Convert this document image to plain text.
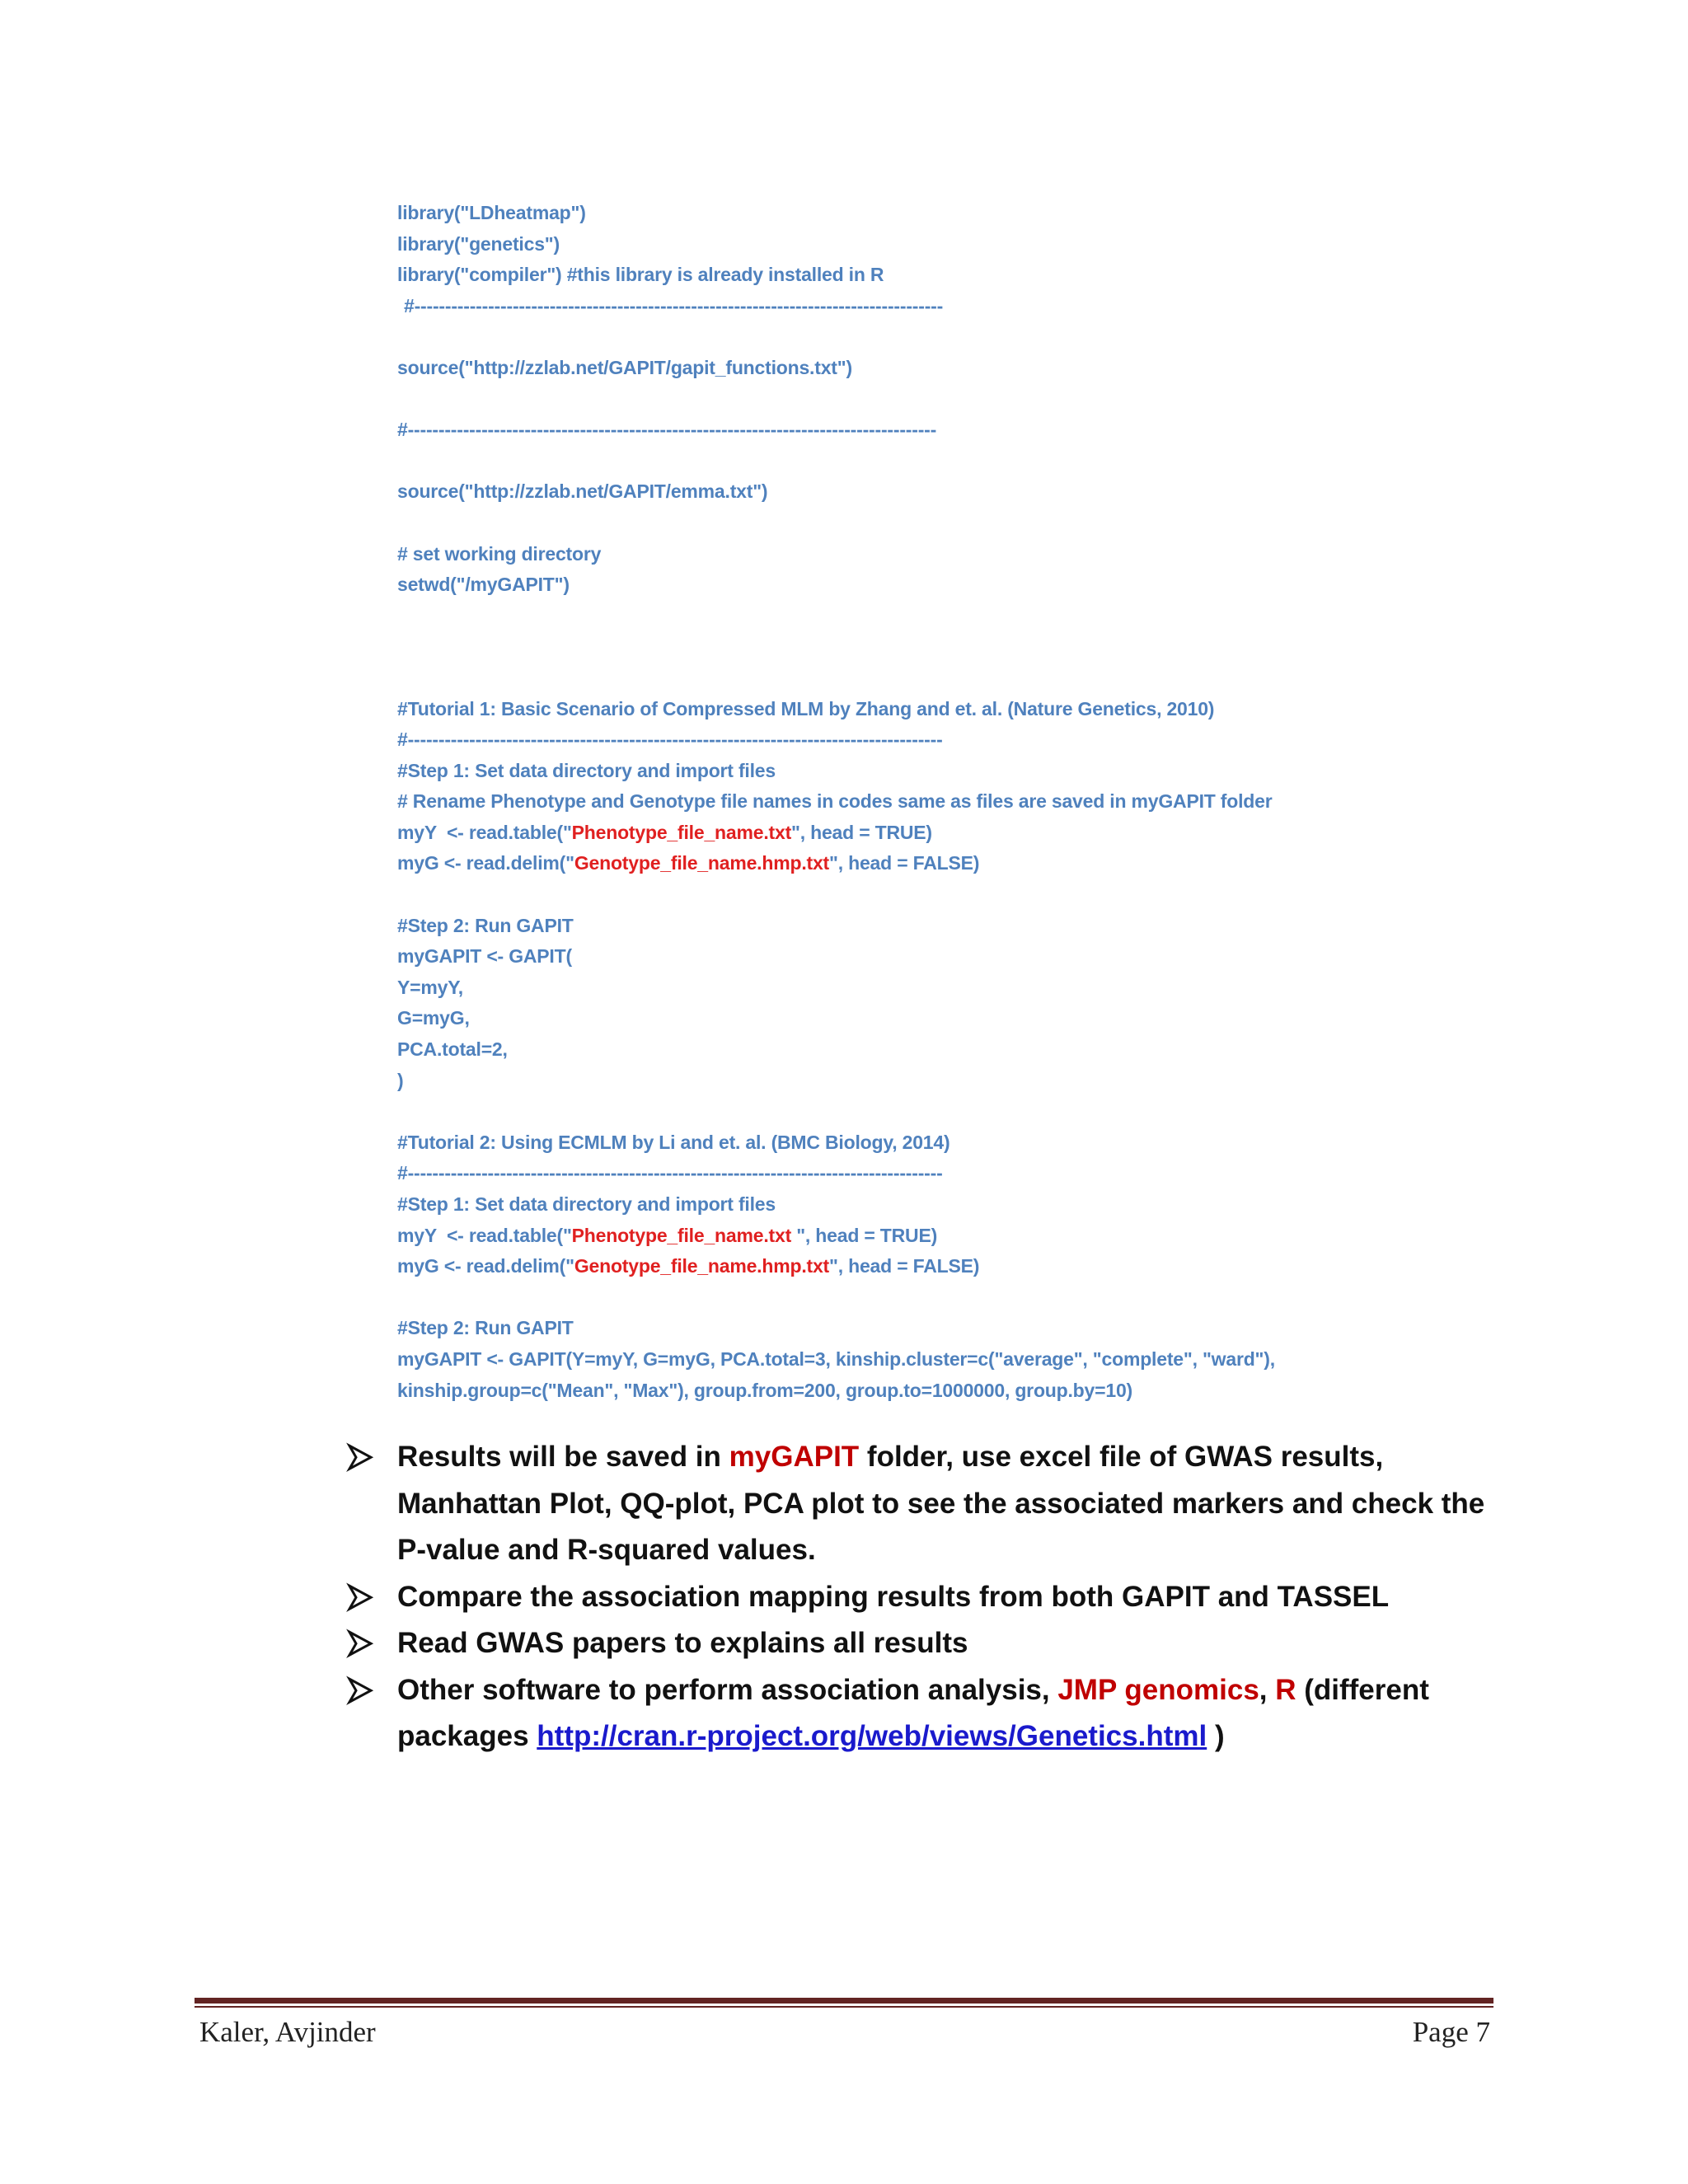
library("LDheatmap")
library("genetics")
library("compiler") #this library is already installed in R
#--------------------------------------------------------------------------------------
source("http://zzlab.net/GAPIT/gapit_functions.txt")
#--------------------------------------------------------------------------------------
source("http://zzlab.net/GAPIT/emma.txt")
# set working directory
setwd("/myGAPIT")
#Tutorial 1: Basic Scenario of Compressed MLM by Zhang and et. al. (Nature Genetics, 2010)
#---------------------------------------------------------------------------------------
#Step 1: Set data directory and import files
# Rename Phenotype and Genotype file names in codes same as files are saved in myGAPIT folder
myY  <- read.table("Phenotype_file_name.txt", head = TRUE)
myG <- read.delim("Genotype_file_name.hmp.txt", head = FALSE)
#Step 2: Run GAPIT
myGAPIT <- GAPIT(
Y=myY,
G=myG,
PCA.total=2,
)
#Tutorial 2: Using ECMLM by Li and et. al. (BMC Biology, 2014)
#---------------------------------------------------------------------------------------
#Step 1: Set data directory and import files
myY  <- read.table("Phenotype_file_name.txt ", head = TRUE)
myG <- read.delim("Genotype_file_name.hmp.txt", head = FALSE)
#Step 2: Run GAPIT
myGAPIT <- GAPIT(Y=myY, G=myG, PCA.total=3, kinship.cluster=c("average", "complete", "ward"),
kinship.group=c("Mean", "Max"), group.from=200, group.to=1000000, group.by=10)
Results will be saved in myGAPIT folder, use excel file of GWAS results, Manhattan Plot, QQ-plot, PCA plot to see the associated markers and check the P-value and R-squared values.
Compare the association mapping results from both GAPIT and TASSEL
Read GWAS papers to explains all results
Other software to perform association analysis, JMP genomics, R (different packages http://cran.r-project.org/web/views/Genetics.html )
Kaler, Avjinder	Page 7
